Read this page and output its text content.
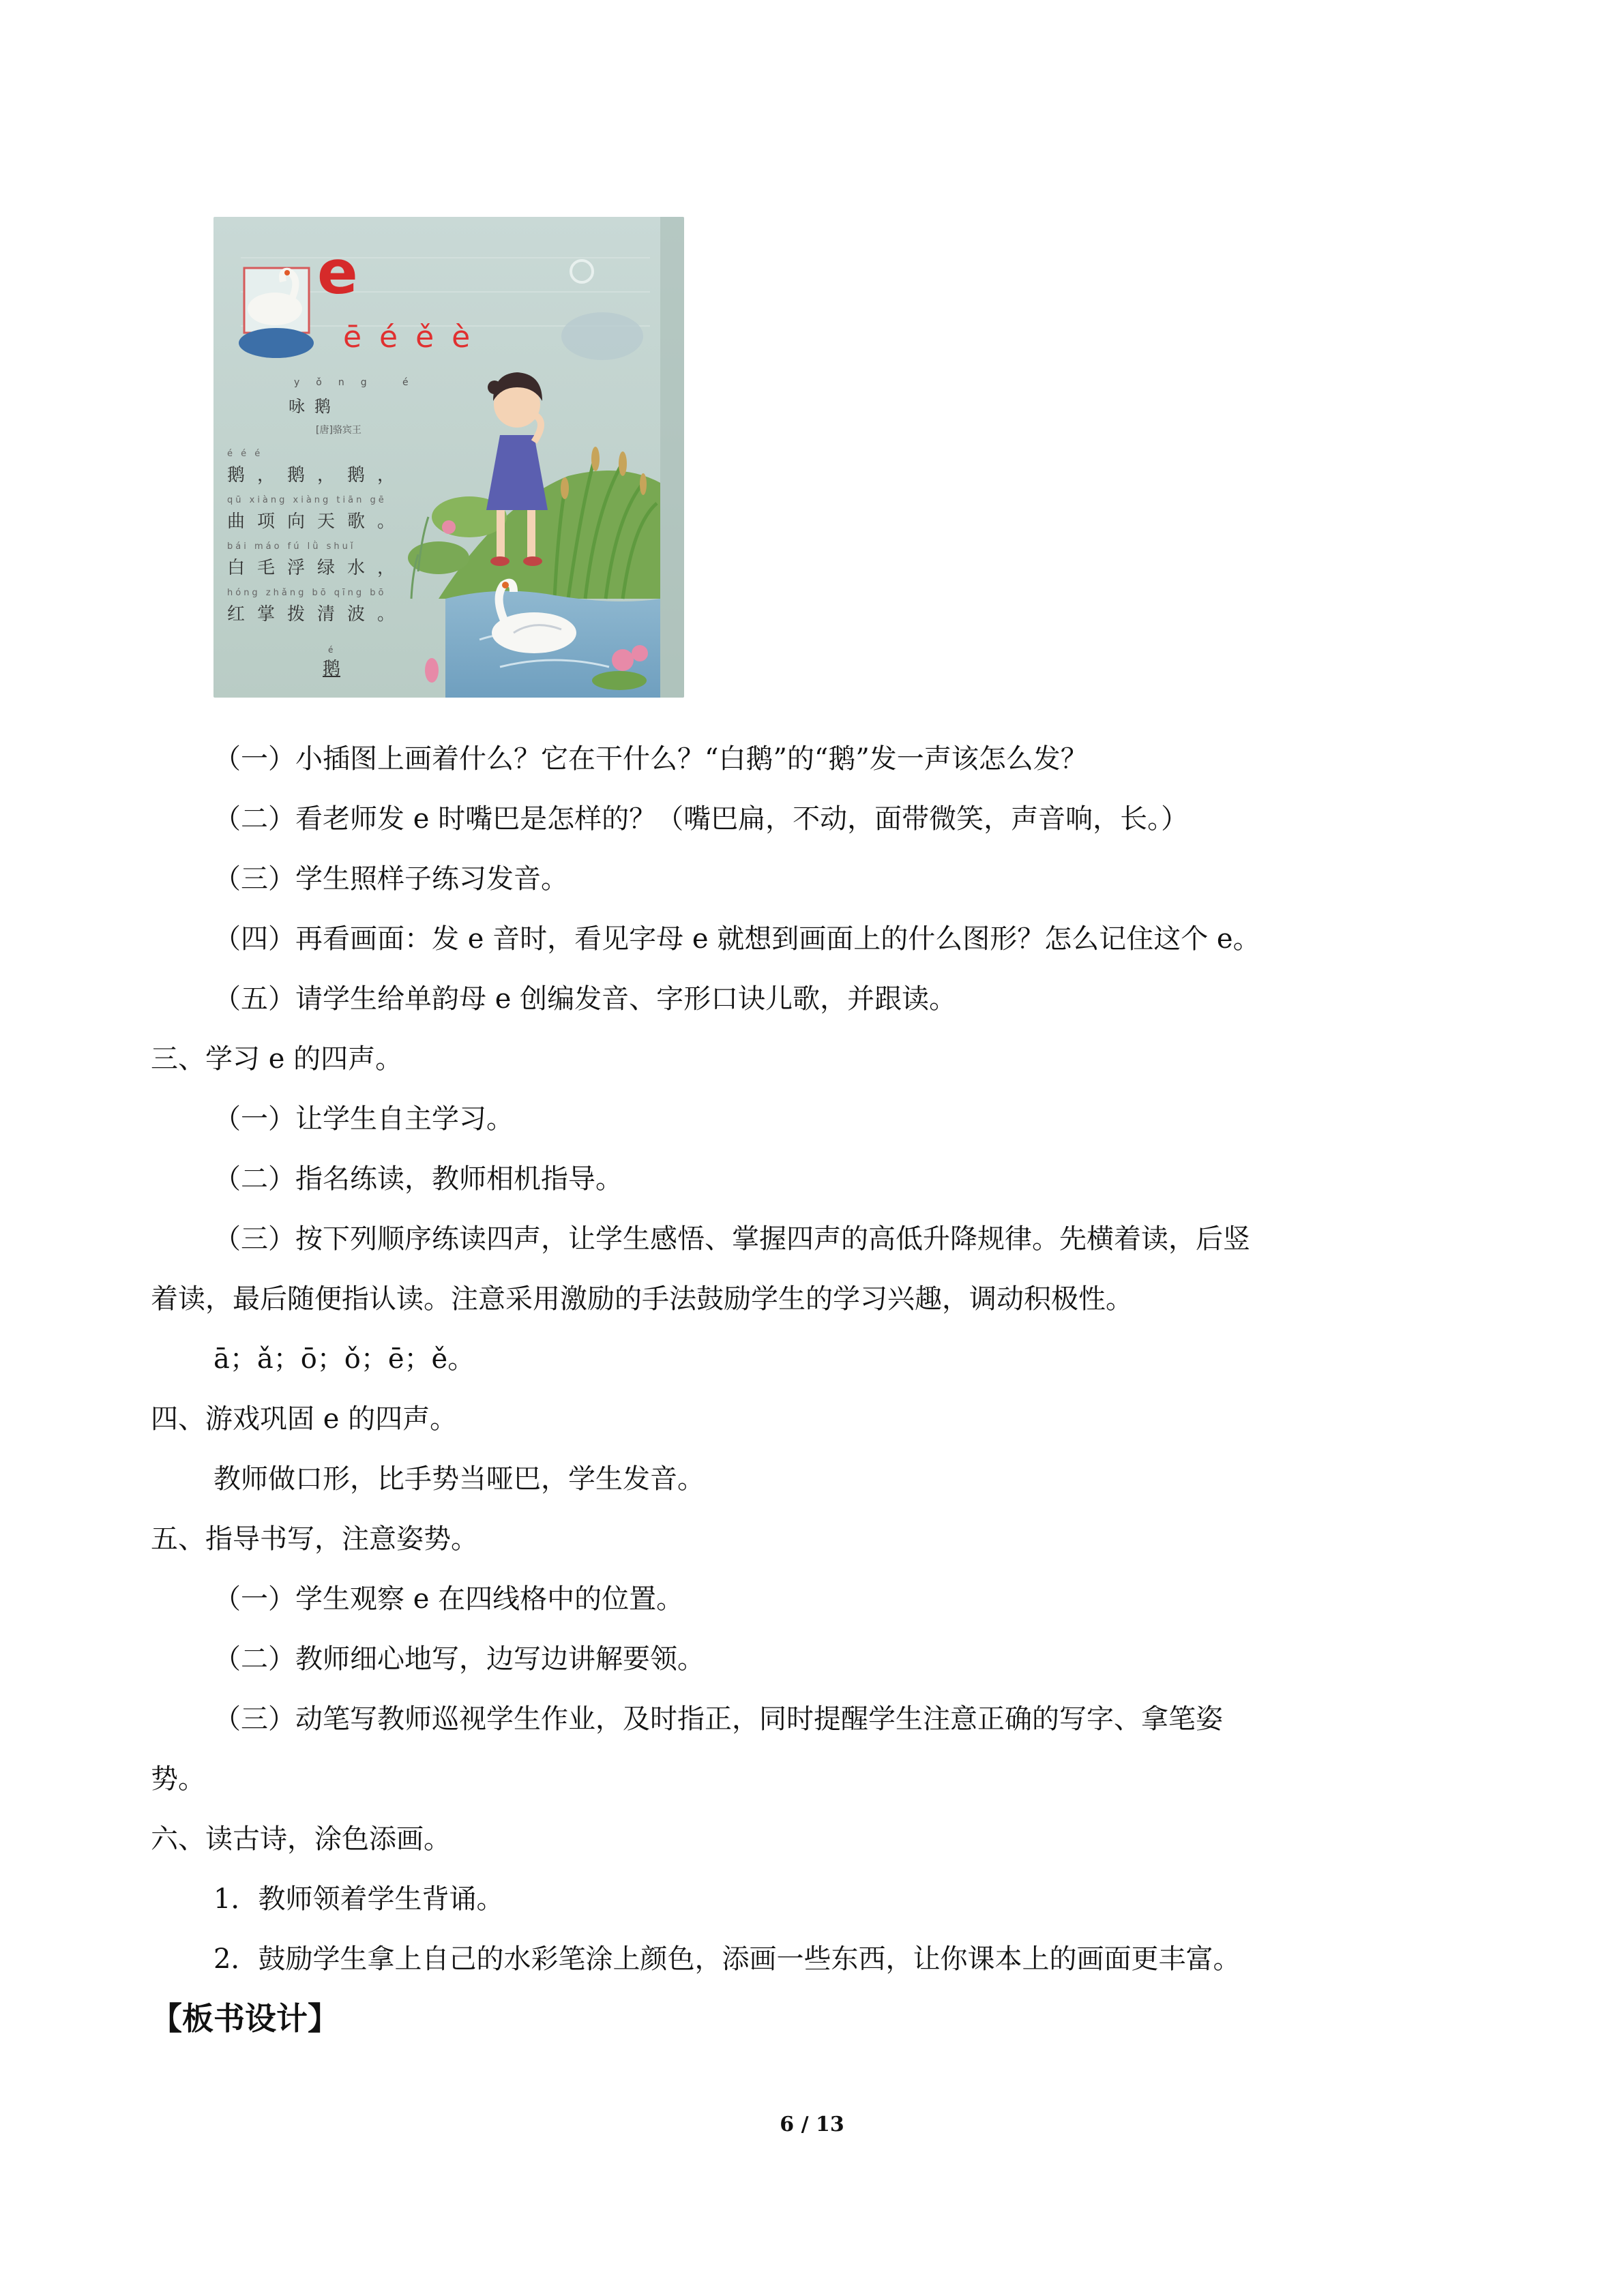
e
ē é ě è
yǒng é
咏鹅
[唐]骆宾王
é é é
鹅，鹅，鹅，
qū xiàng xiàng tiān gē
曲项向天歌。
bái máo fú lǜ shuǐ
白毛浮绿水，
hóng zhǎng bō qīng bō
红掌拨清波。
é
鹅
（一）小插图上画着什么？它在干什么？“白鹅”的“鹅”发一声该怎么发？
（二）看老师发 e 时嘴巴是怎样的？（嘴巴扁，不动，面带微笑，声音响，长。）
（三）学生照样子练习发音。
（四）再看画面：发 e 音时，看见字母 e 就想到画面上的什么图形？怎么记住这个 e。
（五）请学生给单韵母 e 创编发音、字形口诀儿歌，并跟读。
三、学习 e 的四声。
（一）让学生自主学习。
（二）指名练读，教师相机指导。
（三）按下列顺序练读四声，让学生感悟、掌握四声的高低升降规律。先横着读，后竖
着读，最后随便指认读。注意采用激励的手法鼓励学生的学习兴趣，调动积极性。
ā；ǎ；ō；ǒ；ē；ě。
四、游戏巩固 e 的四声。
教师做口形，比手势当哑巴，学生发音。
五、指导书写，注意姿势。
（一）学生观察 e 在四线格中的位置。
（二）教师细心地写，边写边讲解要领。
（三）动笔写教师巡视学生作业，及时指正，同时提醒学生注意正确的写字、拿笔姿
势。
六、读古诗，涂色添画。
1．教师领着学生背诵。
2．鼓励学生拿上自己的水彩笔涂上颜色，添画一些东西，让你课本上的画面更丰富。
【板书设计】
6 / 13
